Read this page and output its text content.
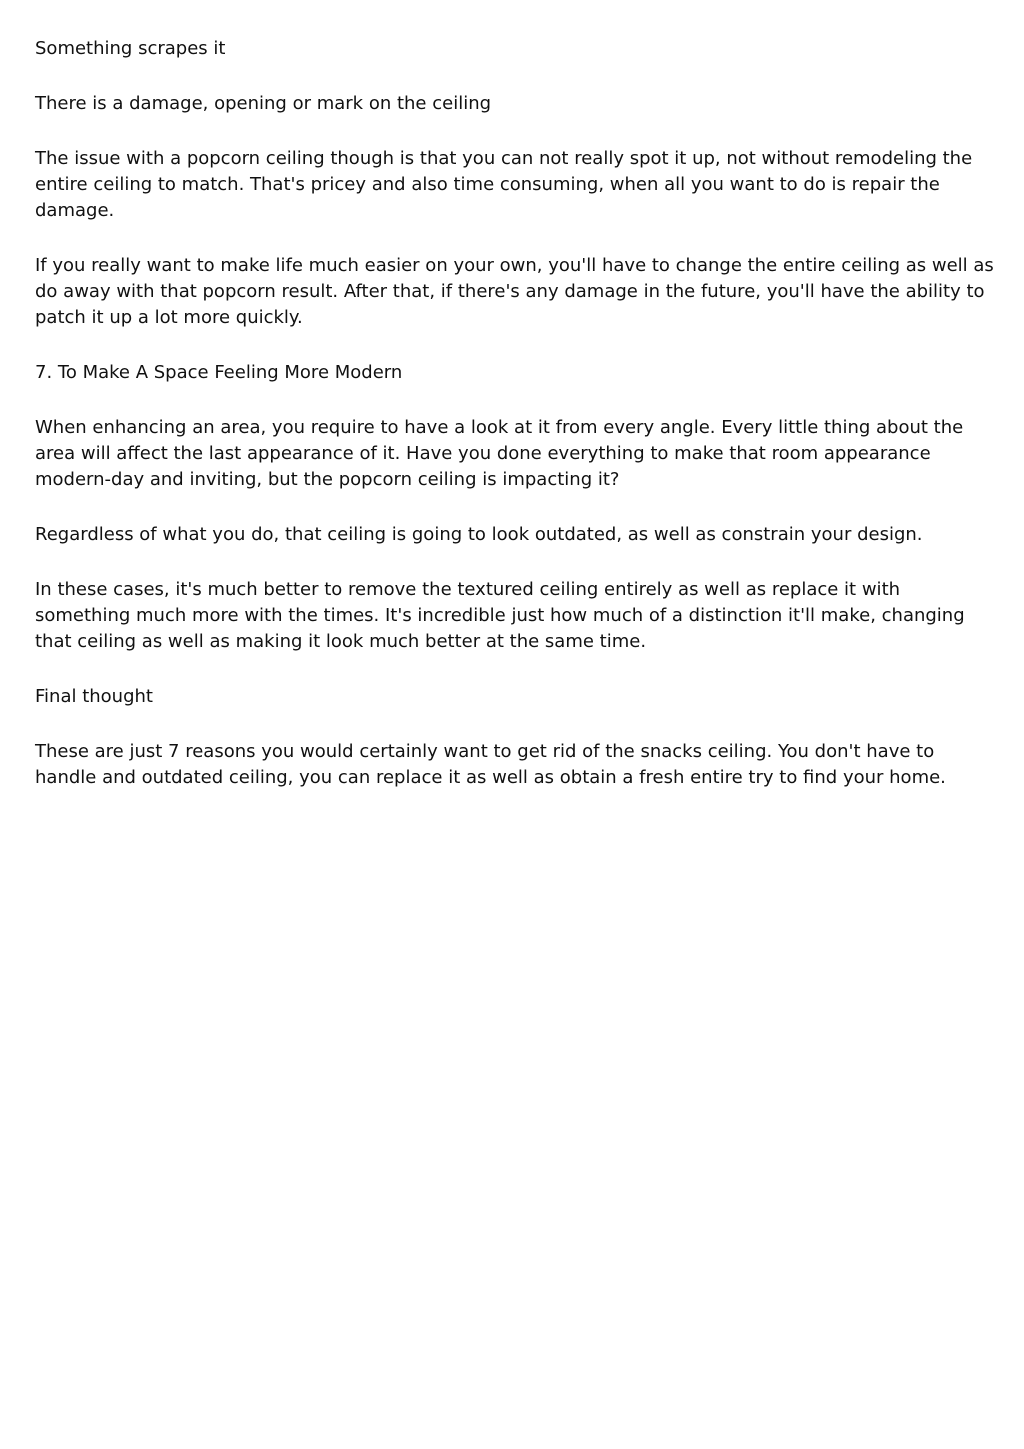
Something scrapes it

There is a damage, opening or mark on the ceiling

The issue with a popcorn ceiling though is that you can not really spot it up, not without remodeling the entire ceiling to match. That's pricey and also time consuming, when all you want to do is repair the damage.

If you really want to make life much easier on your own, you'll have to change the entire ceiling as well as do away with that popcorn result. After that, if there's any damage in the future, you'll have the ability to patch it up a lot more quickly.

7. To Make A Space Feeling More Modern

When enhancing an area, you require to have a look at it from every angle. Every little thing about the area will affect the last appearance of it. Have you done everything to make that room appearance modern-day and inviting, but the popcorn ceiling is impacting it?

Regardless of what you do, that ceiling is going to look outdated, as well as constrain your design.

In these cases, it's much better to remove the textured ceiling entirely as well as replace it with something much more with the times. It's incredible just how much of a distinction it'll make, changing that ceiling as well as making it look much better at the same time.

Final thought

These are just 7 reasons you would certainly want to get rid of the snacks ceiling. You don't have to handle and outdated ceiling, you can replace it as well as obtain a fresh entire try to find your home.
